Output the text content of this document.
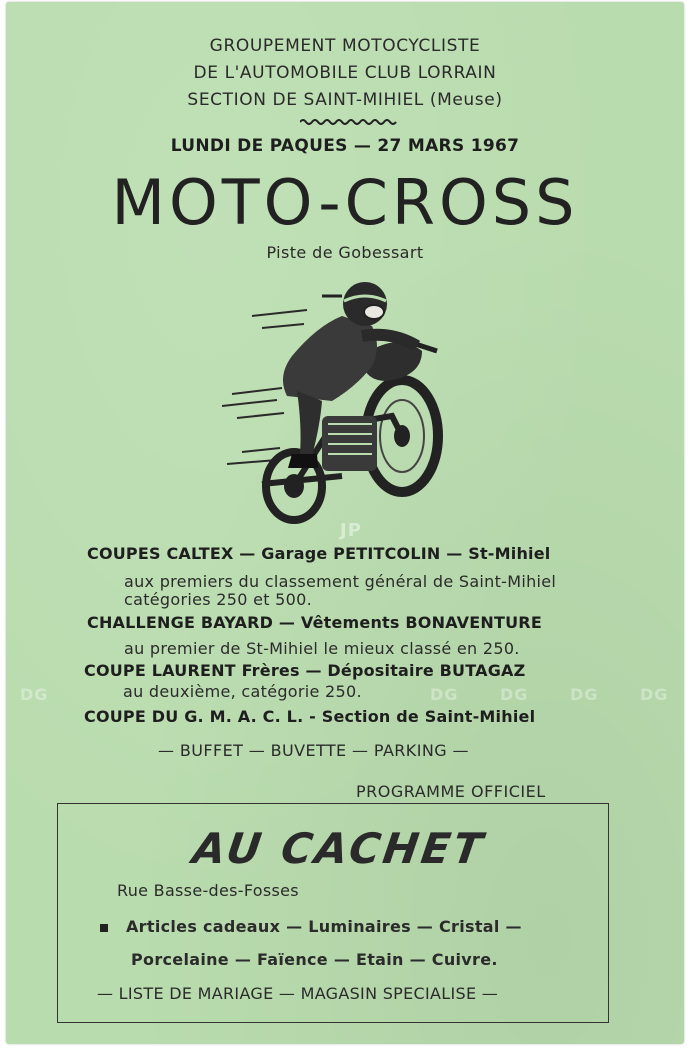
GROUPEMENT MOTOCYCLISTE
DE L'AUTOMOBILE CLUB LORRAIN
SECTION DE SAINT-MIHIEL (Meuse)
LUNDI DE PAQUES — 27 MARS 1967
MOTO-CROSS
Piste de Gobessart
JP
COUPES CALTEX — Garage PETITCOLIN — St-Mihiel
aux premiers du classement général de Saint-Mihiel
catégories 250 et 500.
CHALLENGE BAYARD — Vêtements BONAVENTURE
au premier de St-Mihiel le mieux classé en 250.
COUPE LAURENT Frères — Dépositaire BUTAGAZ
au deuxième, catégorie 250.
COUPE DU G. M. A. C. L. - Section de Saint-Mihiel
DG	DG	DG	DG	DG
— BUFFET — BUVETTE — PARKING —
PROGRAMME OFFICIEL
AU CACHET
Rue Basse-des-Fosses
Articles cadeaux — Luminaires — Cristal —
Porcelaine — Faïence — Etain — Cuivre.
— LISTE DE MARIAGE — MAGASIN SPECIALISE —
